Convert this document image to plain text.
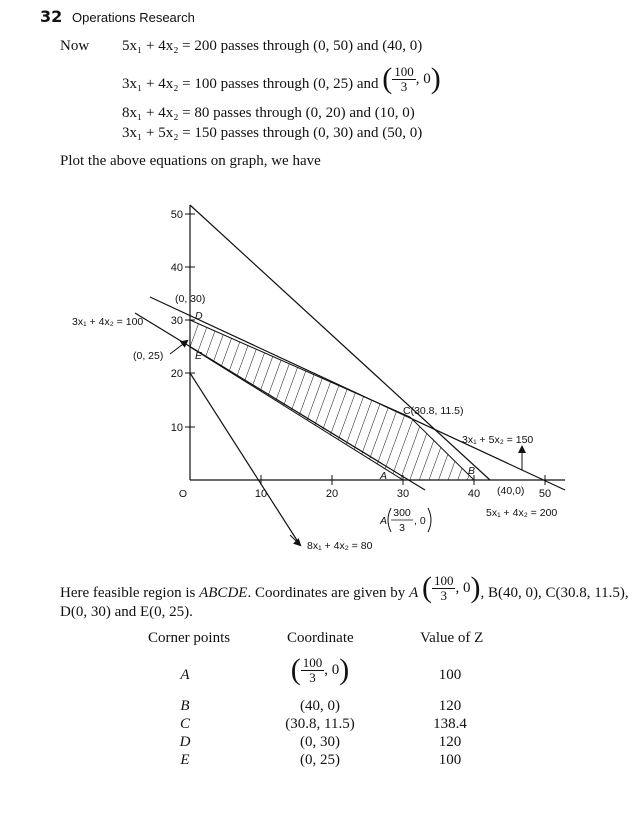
32 Operations Research
Now 5x₁ + 4x₂ = 200 passes through (0, 50) and (40, 0)
3x₁ + 4x₂ = 100 passes through (0, 25) and ( $\frac{100}{3}$ , 0 )
8x₁ + 4x₂ = 80 passes through (0, 20) and (10, 0)
3x₁ + 5x₂ = 150 passes through (0, 30) and (50, 0)
Plot the above equations on graph, we have
10	20	30	40	50
10
20
30
40
50
O
3x₁ + 4x₂ = 100
(0, 30)
D
(0, 25)	E
C(30.8, 11.5)
3x₁ + 5x₂ = 150
A	B
(40,0)
5x₁ + 4x₂ = 200
8x₁ + 4x₂ = 80
A
300
3
, 0
Here feasible region is ABCDE. Coordinates are given by A ( $\frac{100}{3}$ , 0 ) , B(40, 0), C(30.8, 11.5),
D(0, 30) and E(0, 25).
Corner points	Coordinate	Value of Z
A	( $\frac{100}{3}$ , 0 )	100
B	(40, 0)	120
C	(30.8, 11.5)	138.4
D	(0, 30)	120
E	(0, 25)	100
